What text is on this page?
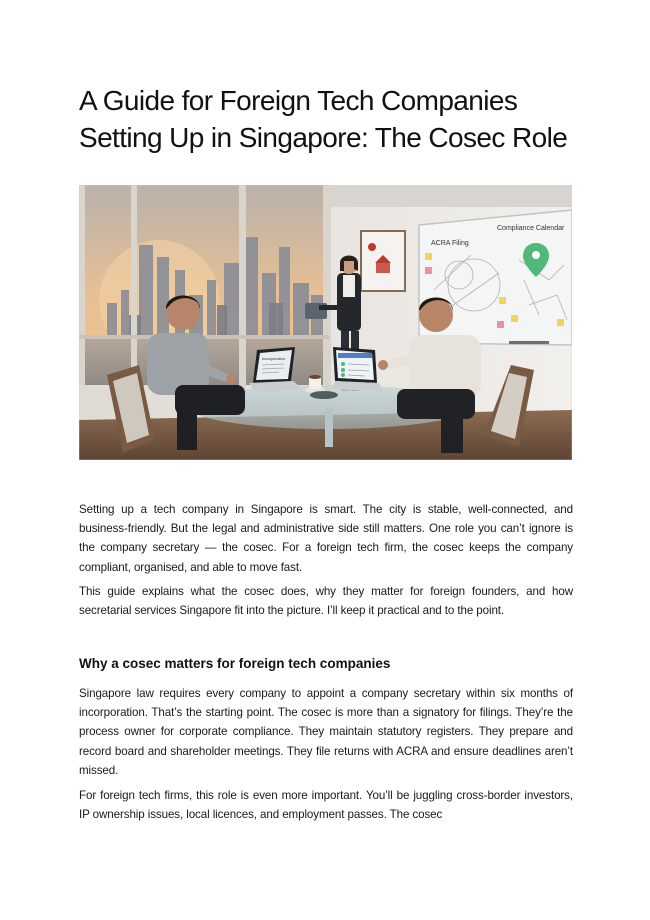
A Guide for Foreign Tech Companies Setting Up in Singapore: The Cosec Role
Compliance Calendar
ACRA Filing
Incorporation

Setting up a tech company in Singapore is smart. The city is stable, well-connected, and business-friendly. But the legal and administrative side still matters. One role you can’t ignore is the company secretary — the cosec. For a foreign tech firm, the cosec keeps the company compliant, organised, and able to move fast.

This guide explains what the cosec does, why they matter for foreign founders, and how secretarial services Singapore fit into the picture. I’ll keep it practical and to the point.

Why a cosec matters for foreign tech companies

Singapore law requires every company to appoint a company secretary within six months of incorporation. That’s the starting point. The cosec is more than a signatory for filings. They’re the process owner for corporate compliance. They maintain statutory registers. They prepare and record board and shareholder meetings. They file returns with ACRA and ensure deadlines aren’t missed.

For foreign tech firms, this role is even more important. You’ll be juggling cross-border investors, IP ownership issues, local licences, and employment passes. The cosec
